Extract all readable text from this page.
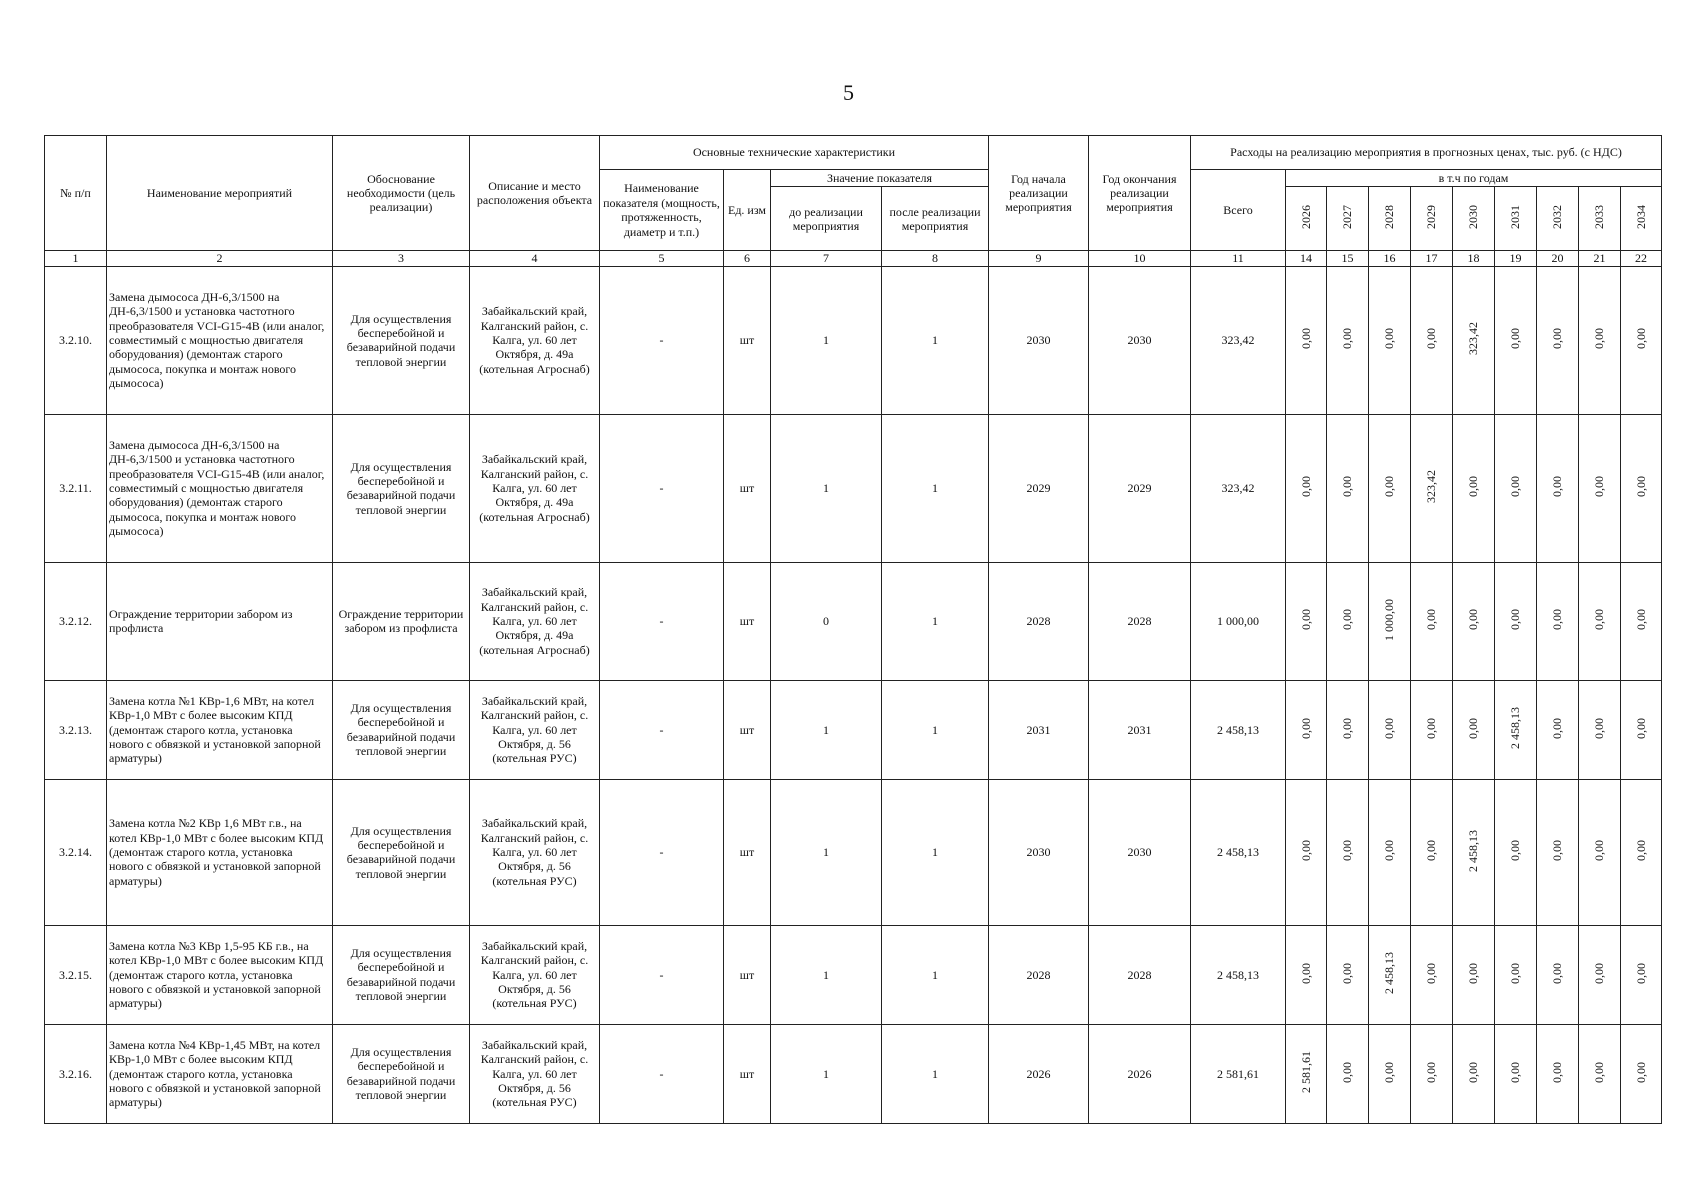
5
№ п/п	Наименование мероприятий	Обоснование необходимости (цель реализации)	Описание и место расположения объекта	Основные технические характеристики				Год начала реализации мероприятия	Год окончания реализации мероприятия	Расходы на реализацию мероприятия в прогнозных ценах, тыс. руб. (с НДС)									
				Наименование показателя (мощность, протяженность, диаметр и т.п.)	Ед. изм	Значение показателя				Всего	в т.ч по годам								
						до реализации мероприятия	после реализации мероприятия				2026	2027	2028	2029	2030	2031	2032	2033	2034
1	2	3	4	5	6	7	8	9	10	11	14	15	16	17	18	19	20	21	22
3.2.10.	Замена дымососа ДН-6,3/1500 на ДН-6,3/1500 и установка частотного преобразователя VCI-G15-4B (или аналог, совместимый с мощностью двигателя оборудования) (демонтаж старого дымососа, покупка и монтаж нового дымососа)	Для осуществления бесперебойной и безаварийной подачи тепловой энергии	Забайкальский край, Калганский район, с. Калга, ул. 60 лет Октября, д. 49а (котельная Агроснаб)	-	шт	1	1	2030	2030	323,42	0,00	0,00	0,00	0,00	323,42	0,00	0,00	0,00	0,00
3.2.11.	Замена дымососа ДН-6,3/1500 на ДН-6,3/1500 и установка частотного преобразователя VCI-G15-4B (или аналог, совместимый с мощностью двигателя оборудования) (демонтаж старого дымососа, покупка и монтаж нового дымососа)	Для осуществления бесперебойной и безаварийной подачи тепловой энергии	Забайкальский край, Калганский район, с. Калга, ул. 60 лет Октября, д. 49а (котельная Агроснаб)	-	шт	1	1	2029	2029	323,42	0,00	0,00	0,00	323,42	0,00	0,00	0,00	0,00	0,00
3.2.12.	Ограждение территории забором из профлиста	Ограждение территории забором из профлиста	Забайкальский край, Калганский район, с. Калга, ул. 60 лет Октября, д. 49а (котельная Агроснаб)	-	шт	0	1	2028	2028	1 000,00	0,00	0,00	1 000,00	0,00	0,00	0,00	0,00	0,00	0,00
3.2.13.	Замена котла №1 КВр-1,6 МВт, на котел КВр-1,0 МВт с более высоким КПД (демонтаж старого котла, установка нового с обвязкой и установкой запорной арматуры)	Для осуществления бесперебойной и безаварийной подачи тепловой энергии	Забайкальский край, Калганский район, с. Калга, ул. 60 лет Октября, д. 56 (котельная РУС)	-	шт	1	1	2031	2031	2 458,13	0,00	0,00	0,00	0,00	0,00	2 458,13	0,00	0,00	0,00
3.2.14.	Замена котла №2 КВр 1,6 МВт г.в., на котел КВр-1,0 МВт с более высоким КПД (демонтаж старого котла, установка нового с обвязкой и установкой запорной арматуры)	Для осуществления бесперебойной и безаварийной подачи тепловой энергии	Забайкальский край, Калганский район, с. Калга, ул. 60 лет Октября, д. 56 (котельная РУС)	-	шт	1	1	2030	2030	2 458,13	0,00	0,00	0,00	0,00	2 458,13	0,00	0,00	0,00	0,00
3.2.15.	Замена котла №3 КВр 1,5-95 КБ г.в., на котел КВр-1,0 МВт с более высоким КПД (демонтаж старого котла, установка нового с обвязкой и установкой запорной арматуры)	Для осуществления бесперебойной и безаварийной подачи тепловой энергии	Забайкальский край, Калганский район, с. Калга, ул. 60 лет Октября, д. 56 (котельная РУС)	-	шт	1	1	2028	2028	2 458,13	0,00	0,00	2 458,13	0,00	0,00	0,00	0,00	0,00	0,00
3.2.16.	Замена котла №4 КВр-1,45 МВт, на котел КВр-1,0 МВт с более высоким КПД (демонтаж старого котла, установка нового с обвязкой и установкой запорной арматуры)	Для осуществления бесперебойной и безаварийной подачи тепловой энергии	Забайкальский край, Калганский район, с. Калга, ул. 60 лет Октября, д. 56 (котельная РУС)	-	шт	1	1	2026	2026	2 581,61	2 581,61	0,00	0,00	0,00	0,00	0,00	0,00	0,00	0,00
